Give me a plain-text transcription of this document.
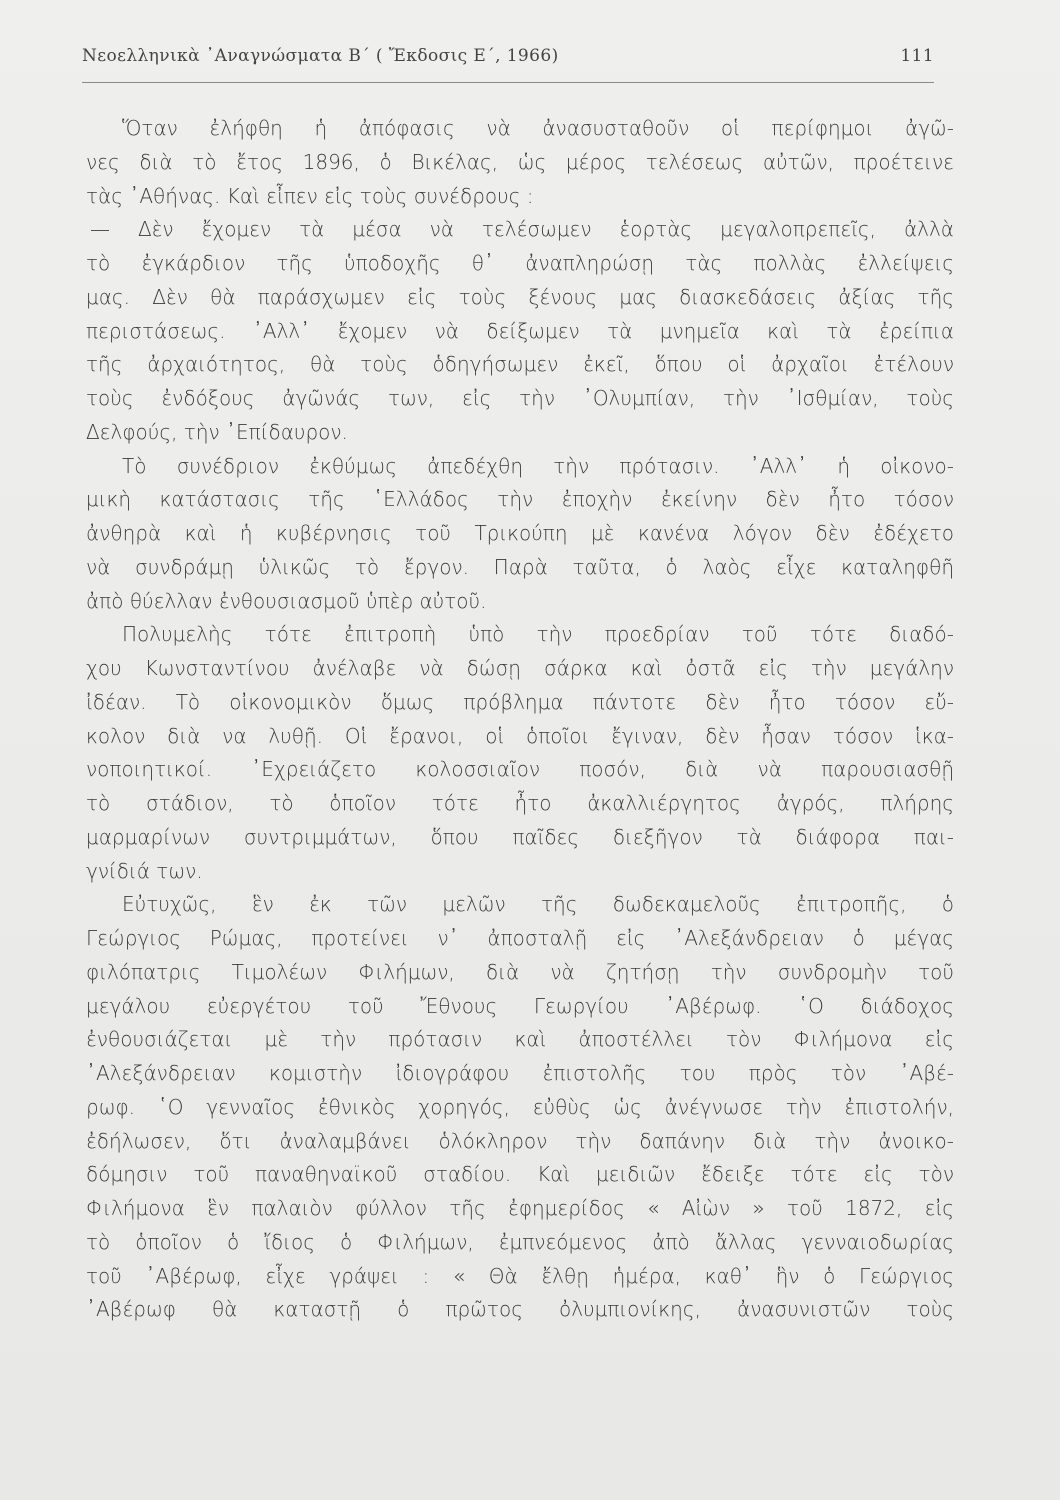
Νεοελληνικὰ ᾿Αναγνώσματα Β´ ( Ἔκδοσις Ε´, 1966)	111
Ὅταν ἐλήφθη ἡ ἀπόφασις νὰ ἀνασυσταθοῦν οἱ περίφημοι ἀγῶ-
νες διὰ τὸ ἔτος 1896, ὁ Βικέλας, ὡς μέρος τελέσεως αὐτῶν, προέτεινε
τὰς ᾿Αθήνας. Καὶ εἶπεν εἰς τοὺς συνέδρους :
— Δὲν ἔχομεν τὰ μέσα νὰ τελέσωμεν ἑορτὰς μεγαλοπρεπεῖς, ἀλλὰ
τὸ ἐγκάρδιον τῆς ὑποδοχῆς θ᾿ ἀναπληρώσῃ τὰς πολλὰς ἐλλείψεις
μας. Δὲν θὰ παράσχωμεν εἰς τοὺς ξένους μας διασκεδάσεις ἀξίας τῆς
περιστάσεως. ᾿Αλλ᾿ ἔχομεν νὰ δείξωμεν τὰ μνημεῖα καὶ τὰ ἐρείπια
τῆς ἀρχαιότητος, θὰ τοὺς ὁδηγήσωμεν ἐκεῖ, ὅπου οἱ ἀρχαῖοι ἐτέλουν
τοὺς ἐνδόξους ἀγῶνάς των, εἰς τὴν ᾿Ολυμπίαν, τὴν ᾿Ισθμίαν, τοὺς
Δελφούς, τὴν ᾿Επίδαυρον.
Τὸ συνέδριον ἐκθύμως ἀπεδέχθη τὴν πρότασιν. ᾿Αλλ᾿ ἡ οἰκονο-
μικὴ κατάστασις τῆς ῾Ελλάδος τὴν ἐποχὴν ἐκείνην δὲν ἦτο τόσον
ἀνθηρὰ καὶ ἡ κυβέρνησις τοῦ Τρικούπη μὲ κανένα λόγον δὲν ἐδέχετο
νὰ συνδράμῃ ὑλικῶς τὸ ἔργον. Παρὰ ταῦτα, ὁ λαὸς εἶχε καταληφθῆ
ἀπὸ θύελλαν ἐνθουσιασμοῦ ὑπὲρ αὐτοῦ.
Πολυμελὴς τότε ἐπιτροπὴ ὑπὸ τὴν προεδρίαν τοῦ τότε διαδό-
χου Κωνσταντίνου ἀνέλαβε νὰ δώσῃ σάρκα καὶ ὀστᾶ εἰς τὴν μεγάλην
ἰδέαν. Τὸ οἰκονομικὸν ὅμως πρόβλημα πάντοτε δὲν ἦτο τόσον εὔ-
κολον διὰ να λυθῇ. Οἱ ἔρανοι, οἱ ὁποῖοι ἔγιναν, δὲν ἦσαν τόσον ἱκα-
νοποιητικοί. ᾿Εχρειάζετο κολοσσιαῖον ποσόν, διὰ νὰ παρουσιασθῇ
τὸ στάδιον, τὸ ὁποῖον τότε ἦτο ἀκαλλιέργητος ἀγρός, πλήρης
μαρμαρίνων συντριμμάτων, ὅπου παῖδες διεξῆγον τὰ διάφορα παι-
γνίδιά των.
Εὐτυχῶς, ἓν ἐκ τῶν μελῶν τῆς δωδεκαμελοῦς ἐπιτροπῆς, ὁ
Γεώργιος Ρώμας, προτείνει ν᾿ ἀποσταλῇ εἰς ᾿Αλεξάνδρειαν ὁ μέγας
φιλόπατρις Τιμολέων Φιλήμων, διὰ νὰ ζητήσῃ τὴν συνδρομὴν τοῦ
μεγάλου εὐεργέτου τοῦ Ἔθνους Γεωργίου ᾿Αβέρωφ. ῾Ο διάδοχος
ἐνθουσιάζεται μὲ τὴν πρότασιν καὶ ἀποστέλλει τὸν Φιλήμονα εἰς
᾿Αλεξάνδρειαν κομιστὴν ἰδιογράφου ἐπιστολῆς του πρὸς τὸν ᾿Αβέ-
ρωφ. ῾Ο γενναῖος ἐθνικὸς χορηγός, εὐθὺς ὡς ἀνέγνωσε τὴν ἐπιστολήν,
ἐδήλωσεν, ὅτι ἀναλαμβάνει ὁλόκληρον τὴν δαπάνην διὰ τὴν ἀνοικο-
δόμησιν τοῦ παναθηναϊκοῦ σταδίου. Καὶ μειδιῶν ἔδειξε τότε εἰς τὸν
Φιλήμονα ἓν παλαιὸν φύλλον τῆς ἐφημερίδος « Αἰὼν » τοῦ 1872, εἰς
τὸ ὁποῖον ὁ ἴδιος ὁ Φιλήμων, ἐμπνεόμενος ἀπὸ ἄλλας γενναιοδωρίας
τοῦ ᾿Αβέρωφ, εἶχε γράψει : « Θὰ ἔλθῃ ἡμέρα, καθ᾿ ἣν ὁ Γεώργιος
᾿Αβέρωφ θὰ καταστῇ ὁ πρῶτος ὀλυμπιονίκης, ἀνασυνιστῶν τοὺς
